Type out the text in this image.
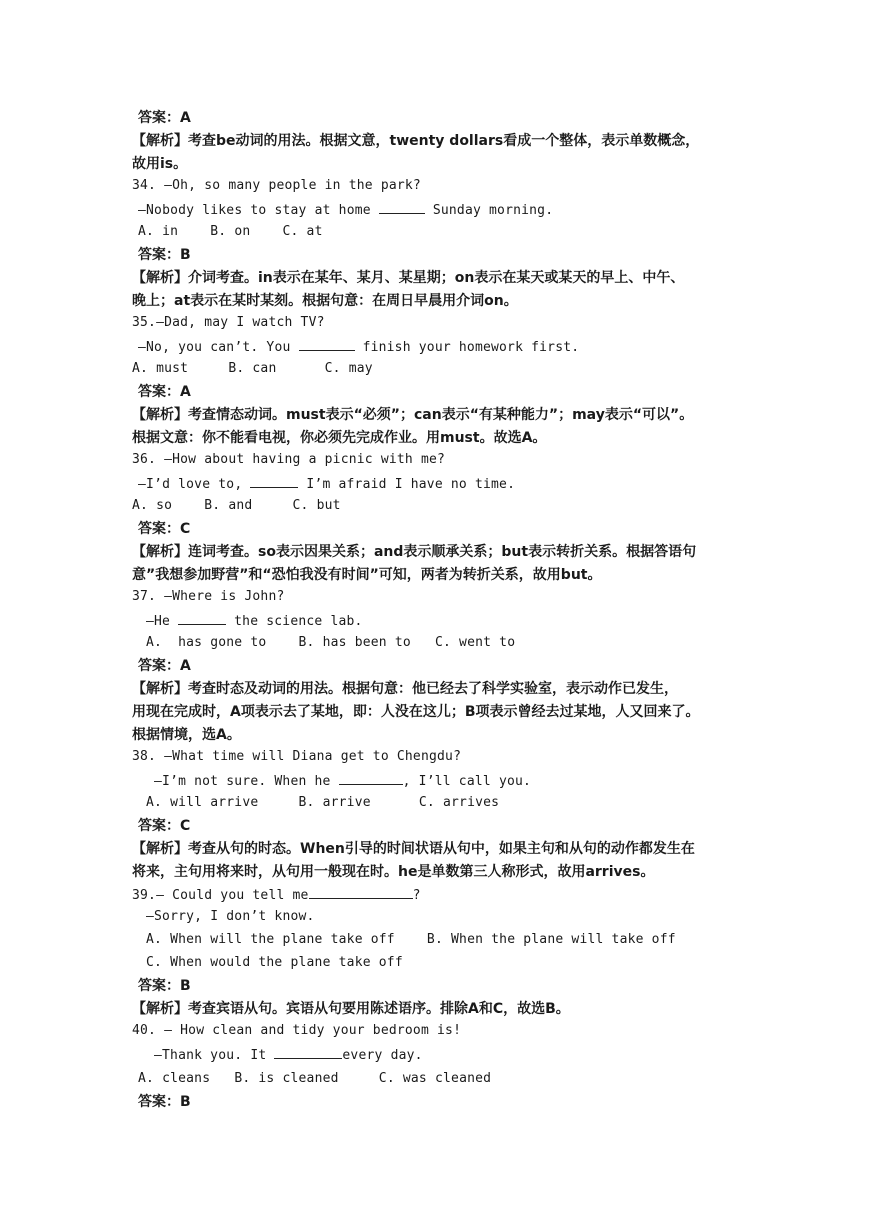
答案：A
【解析】考查be动词的用法。根据文意，twenty dollars看成一个整体，表示单数概念，
故用is。
34. —Oh, so many people in the park?
—Nobody likes to stay at home	Sunday morning.
A. in    B. on    C. at
答案：B
【解析】介词考查。in表示在某年、某月、某星期；on表示在某天或某天的早上、中午、
晚上；at表示在某时某刻。根据句意：在周日早晨用介词on。
35.—Dad, may I watch TV?
—No, you can’t. You	finish your homework first.
A. must     B. can      C. may
答案：A
【解析】考查情态动词。must表示“必须”；can表示“有某种能力”；may表示“可以”。
根据文意：你不能看电视，你必须先完成作业。用must。故选A。
36. —How about having a picnic with me?
—I’d love to,	I’m afraid I have no time.
A. so    B. and     C. but
答案：C
【解析】连词考查。so表示因果关系；and表示顺承关系；but表示转折关系。根据答语句
意”我想参加野营”和“恐怕我没有时间”可知，两者为转折关系，故用but。
37. —Where is John?
—He	the science lab.
A.  has gone to    B. has been to   C. went to
答案：A
【解析】考查时态及动词的用法。根据句意：他已经去了科学实验室，表示动作已发生，
用现在完成时，A项表示去了某地，即：人没在这儿；B项表示曾经去过某地，人又回来了。
根据情境，选A。
38. —What time will Diana get to Chengdu?
—I’m not sure. When he	, I’ll call you.
A. will arrive     B. arrive      C. arrives
答案：C
【解析】考查从句的时态。When引导的时间状语从句中，如果主句和从句的动作都发生在
将来，主句用将来时，从句用一般现在时。he是单数第三人称形式，故用arrives。
39.— Could you tell me	?
—Sorry, I don’t know.
A. When will the plane take off    B. When the plane will take off
C. When would the plane take off
答案：B
【解析】考查宾语从句。宾语从句要用陈述语序。排除A和C，故选B。
40. — How clean and tidy your bedroom is!
—Thank you. It	every day.
A. cleans   B. is cleaned     C. was cleaned
答案：B
